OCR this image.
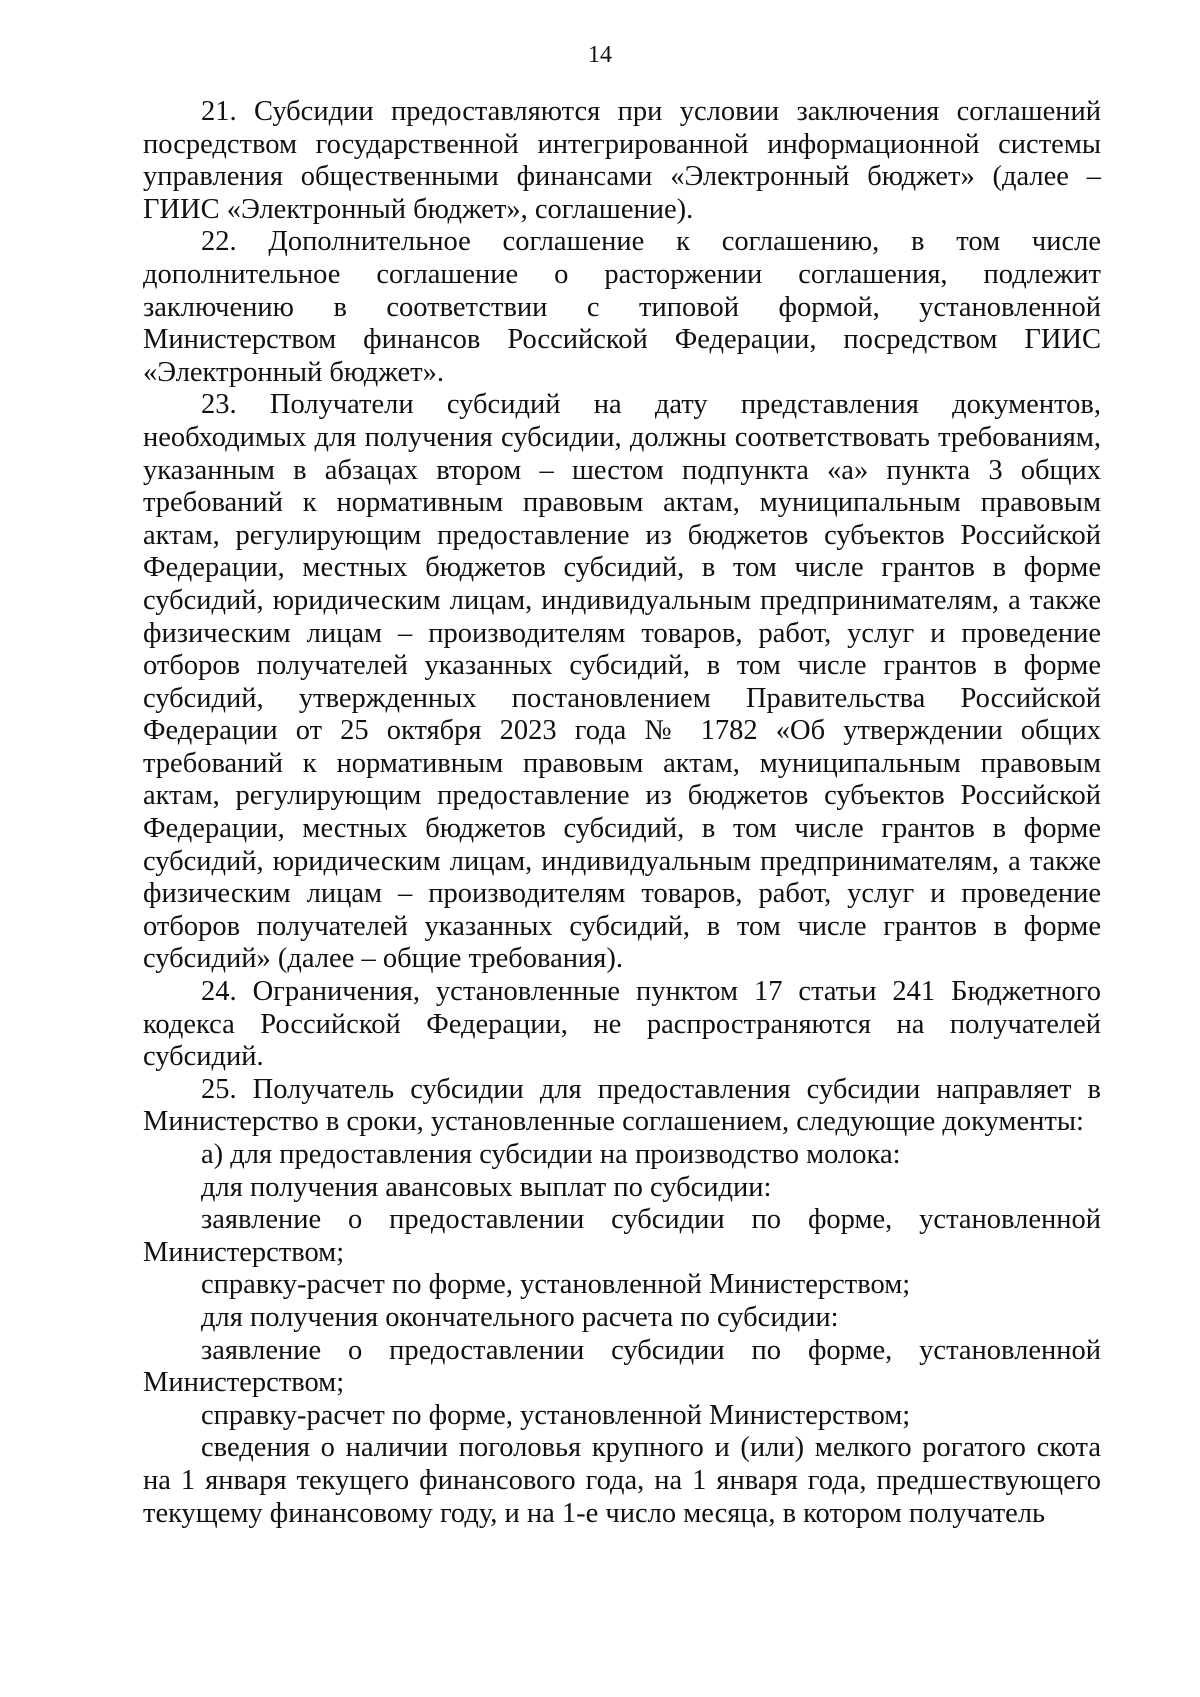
14

21. Субсидии предоставляются при условии заключения соглашений посредством государственной интегрированной информационной системы управления общественными финансами «Электронный бюджет» (далее – ГИИС «Электронный бюджет», соглашение).

22. Дополнительное соглашение к соглашению, в том числе дополнительное соглашение о расторжении соглашения, подлежит заключению в соответствии с типовой формой, установленной Министерством финансов Российской Федерации, посредством ГИИС «Электронный бюджет».

23. Получатели субсидий на дату представления документов, необходимых для получения субсидии, должны соответствовать требованиям, указанным в абзацах втором – шестом подпункта «а» пункта 3 общих требований к нормативным правовым актам, муниципальным правовым актам, регулирующим предоставление из бюджетов субъектов Российской Федерации, местных бюджетов субсидий, в том числе грантов в форме субсидий, юридическим лицам, индивидуальным предпринимателям, а также физическим лицам – производителям товаров, работ, услуг и проведение отборов получателей указанных субсидий, в том числе грантов в форме субсидий, утвержденных постановлением Правительства Российской Федерации от 25 октября 2023 года № 1782 «Об утверждении общих требований к нормативным правовым актам, муниципальным правовым актам, регулирующим предоставление из бюджетов субъектов Российской Федерации, местных бюджетов субсидий, в том числе грантов в форме субсидий, юридическим лицам, индивидуальным предпринимателям, а также физическим лицам – производителям товаров, работ, услуг и проведение отборов получателей указанных субсидий, в том числе грантов в форме субсидий» (далее – общие требования).

24. Ограничения, установленные пунктом 17 статьи 241 Бюджетного кодекса Российской Федерации, не распространяются на получателей субсидий.

25. Получатель субсидии для предоставления субсидии направляет в Министерство в сроки, установленные соглашением, следующие документы:

а) для предоставления субсидии на производство молока:

для получения авансовых выплат по субсидии:

заявление о предоставлении субсидии по форме, установленной Министерством;

справку-расчет по форме, установленной Министерством;

для получения окончательного расчета по субсидии:

заявление о предоставлении субсидии по форме, установленной Министерством;

справку-расчет по форме, установленной Министерством;

сведения о наличии поголовья крупного и (или) мелкого рогатого скота на 1 января текущего финансового года, на 1 января года, предшествующего текущему финансовому году, и на 1-е число месяца, в котором получатель
